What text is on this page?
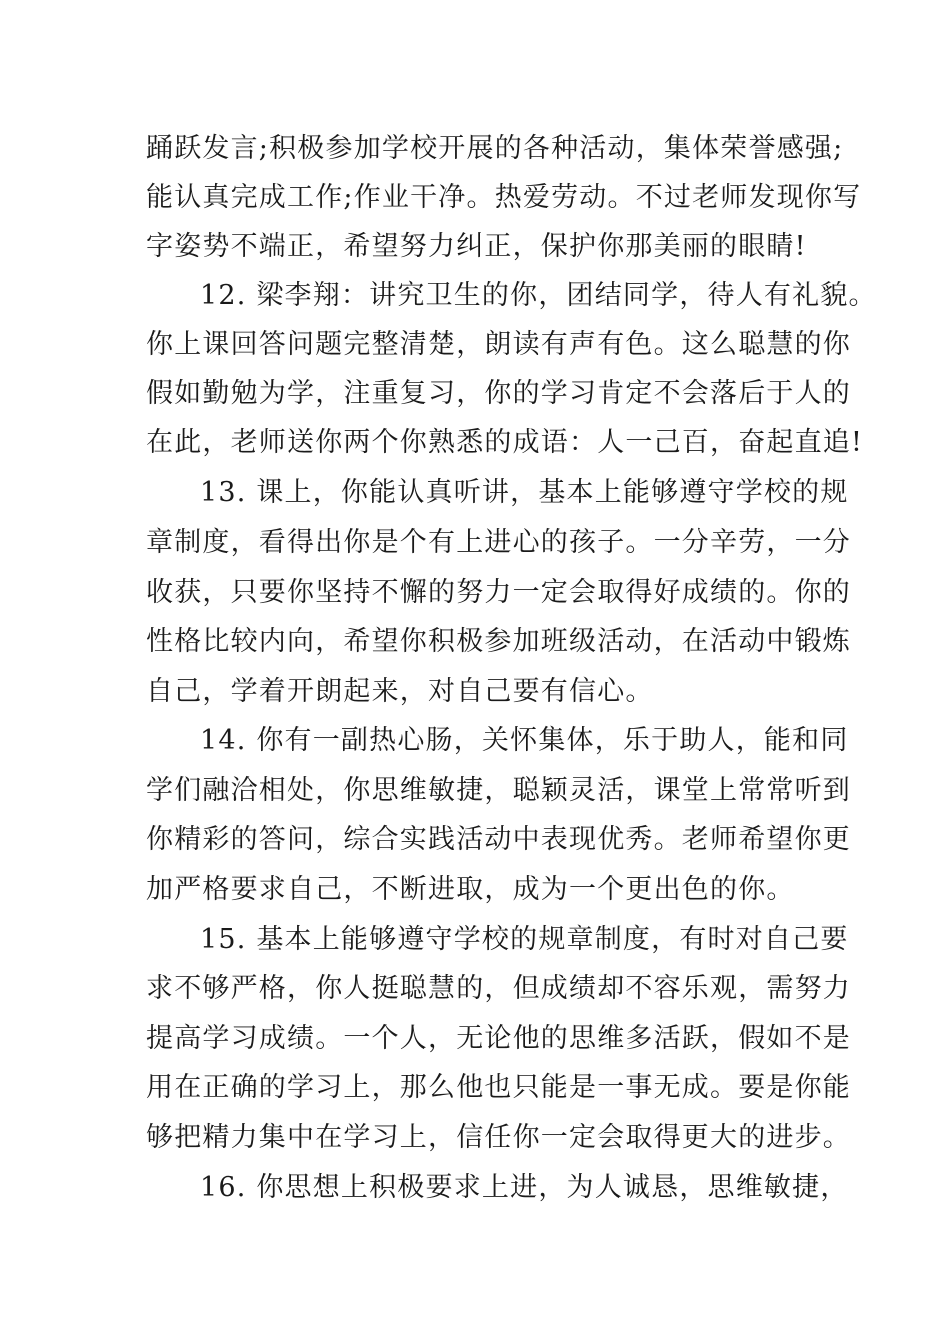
踊跃发言;积极参加学校开展的各种活动，集体荣誉感强;
能认真完成工作;作业干净。热爱劳动。不过老师发现你写
字姿势不端正，希望努力纠正，保护你那美丽的眼睛!
12. 梁李翔：讲究卫生的你，团结同学，待人有礼貌。
你上课回答问题完整清楚，朗读有声有色。这么聪慧的你
假如勤勉为学，注重复习，你的学习肯定不会落后于人的
在此，老师送你两个你熟悉的成语：人一己百，奋起直追!
13. 课上，你能认真听讲，基本上能够遵守学校的规
章制度，看得出你是个有上进心的孩子。一分辛劳，一分
收获，只要你坚持不懈的努力一定会取得好成绩的。你的
性格比较内向，希望你积极参加班级活动，在活动中锻炼
自己，学着开朗起来，对自己要有信心。
14. 你有一副热心肠，关怀集体，乐于助人，能和同
学们融洽相处，你思维敏捷，聪颖灵活，课堂上常常听到
你精彩的答问，综合实践活动中表现优秀。老师希望你更
加严格要求自己，不断进取，成为一个更出色的你。
15. 基本上能够遵守学校的规章制度，有时对自己要
求不够严格，你人挺聪慧的，但成绩却不容乐观，需努力
提高学习成绩。一个人，无论他的思维多活跃，假如不是
用在正确的学习上，那么他也只能是一事无成。要是你能
够把精力集中在学习上，信任你一定会取得更大的进步。
16. 你思想上积极要求上进，为人诚恳，思维敏捷，
